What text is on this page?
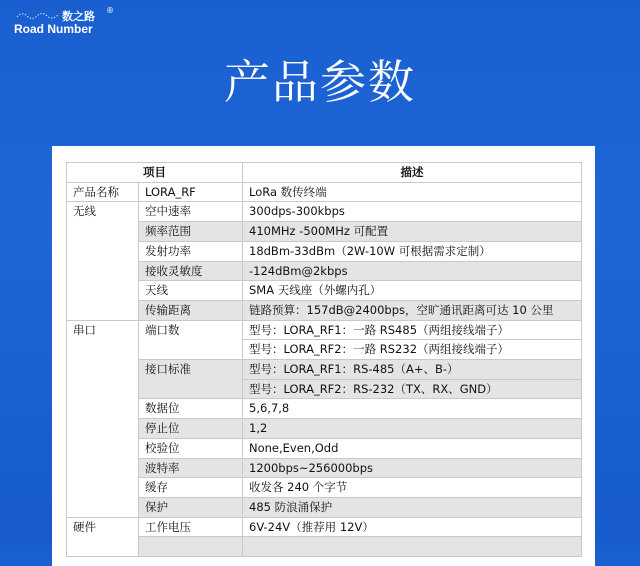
数之路 ®
Road Number
产品参数
项目		描述
产品名称	LORA_RF	LoRa 数传终端
无线	空中速率	300dps-300kbps
	频率范围	410MHz -500MHz 可配置
	发射功率	18dBm-33dBm（2W-10W 可根据需求定制）
	接收灵敏度	-124dBm@2kbps
	天线	SMA 天线座（外螺内孔）
	传输距离	链路预算：157dB@2400bps，空旷通讯距离可达 10 公里
串口	端口数	型号：LORA_RF1：一路 RS485（两组接线端子）
		型号：LORA_RF2：一路 RS232（两组接线端子）
	接口标准	型号：LORA_RF1：RS-485（A+、B-）
		型号：LORA_RF2：RS-232（TX、RX、GND）
	数据位	5,6,7,8
	停止位	1,2
	校验位	None,Even,Odd
	波特率	1200bps~256000bps
	缓存	收发各 240 个字节
	保护	485 防浪涌保护
硬件	工作电压	6V-24V（推荐用 12V）
